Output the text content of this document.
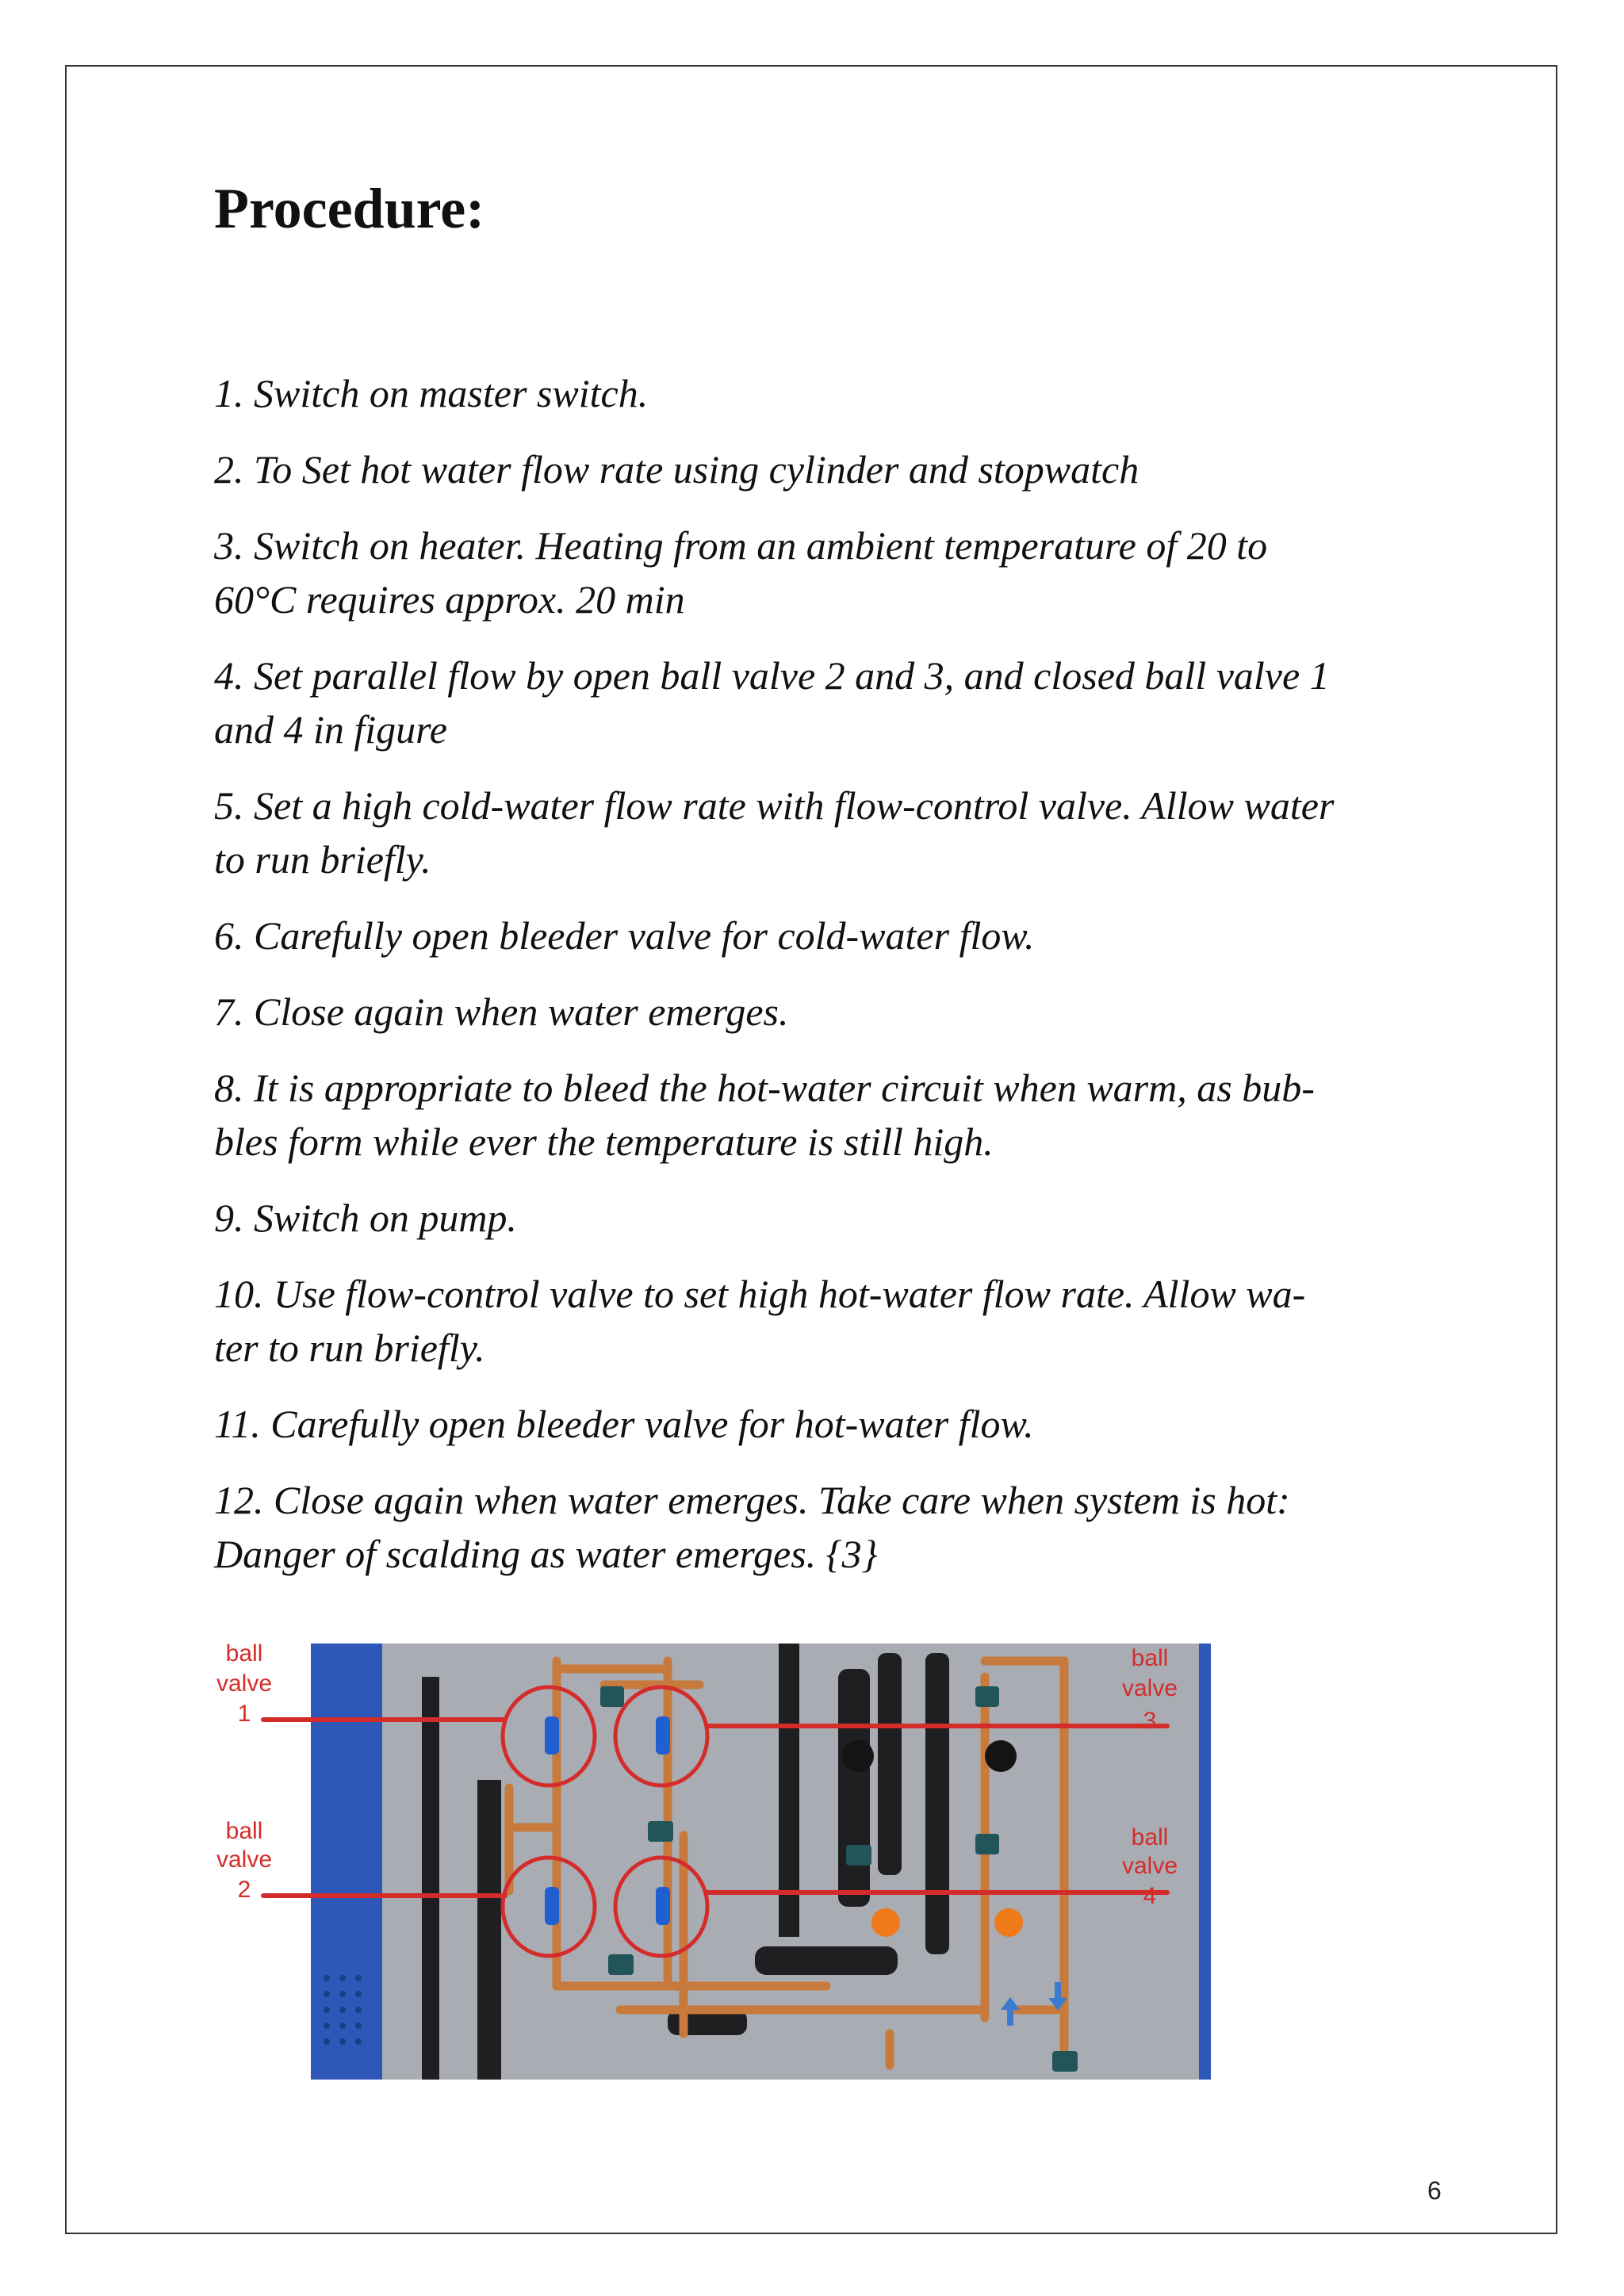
Procedure:
1. Switch on master switch.
2. To Set hot water flow rate using cylinder and stopwatch
3. Switch on heater. Heating from an ambient temperature of 20 to
60°C requires approx. 20 min
4. Set parallel flow by open ball valve 2 and 3, and closed ball valve 1
and 4 in figure
5. Set a high cold-water flow rate with flow-control valve. Allow water
to run briefly.
6. Carefully open bleeder valve for cold-water flow.
7. Close again when water emerges.
8. It is appropriate to bleed the hot-water circuit when warm, as bub-
bles form while ever the temperature is still high.
9. Switch on pump.
10. Use flow-control valve to set high hot-water flow rate. Allow wa-
ter to run briefly.
11. Carefully open bleeder valve for hot-water flow.
12. Close again when water emerges. Take care when system is hot:
Danger of scalding as water emerges. {3}
ball
valve
1
ball
valve
2
ball
valve
3
ball
valve
4
6
